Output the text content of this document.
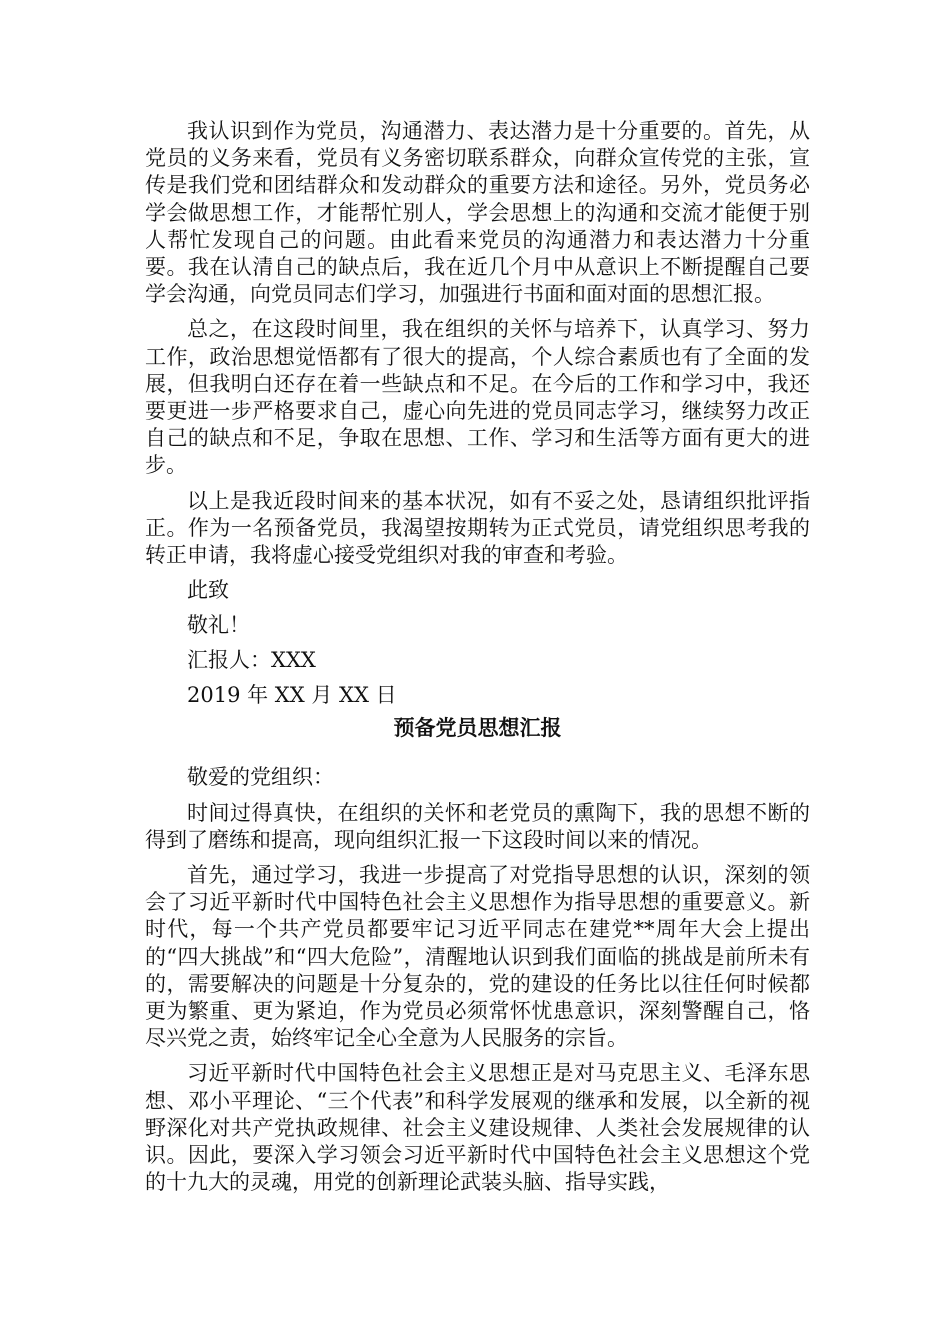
我认识到作为党员，沟通潜力、表达潜力是十分重要的。首先，从党员的义务来看，党员有义务密切联系群众，向群众宣传党的主张，宣传是我们党和团结群众和发动群众的重要方法和途径。另外，党员务必学会做思想工作，才能帮忙别人，学会思想上的沟通和交流才能便于别人帮忙发现自己的问题。由此看来党员的沟通潜力和表达潜力十分重要。我在认清自己的缺点后，我在近几个月中从意识上不断提醒自己要学会沟通，向党员同志们学习，加强进行书面和面对面的思想汇报。

总之，在这段时间里，我在组织的关怀与培养下，认真学习、努力工作，政治思想觉悟都有了很大的提高，个人综合素质也有了全面的发展，但我明白还存在着一些缺点和不足。在今后的工作和学习中，我还要更进一步严格要求自己，虚心向先进的党员同志学习，继续努力改正自己的缺点和不足，争取在思想、工作、学习和生活等方面有更大的进步。

以上是我近段时间来的基本状况，如有不妥之处，恳请组织批评指正。作为一名预备党员，我渴望按期转为正式党员，请党组织思考我的转正申请，我将虚心接受党组织对我的审查和考验。

此致

敬礼！

汇报人：XXX

2019 年 XX 月 XX 日

预备党员思想汇报

敬爱的党组织：

时间过得真快，在组织的关怀和老党员的熏陶下，我的思想不断的得到了磨练和提高，现向组织汇报一下这段时间以来的情况。

首先，通过学习，我进一步提高了对党指导思想的认识，深刻的领会了习近平新时代中国特色社会主义思想作为指导思想的重要意义。新时代，每一个共产党员都要牢记习近平同志在建党**周年大会上提出的“四大挑战”和“四大危险”，清醒地认识到我们面临的挑战是前所未有的，需要解决的问题是十分复杂的，党的建设的任务比以往任何时候都更为繁重、更为紧迫，作为党员必须常怀忧患意识，深刻警醒自己，恪尽兴党之责，始终牢记全心全意为人民服务的宗旨。

习近平新时代中国特色社会主义思想正是对马克思主义、毛泽东思想、邓小平理论、“三个代表”和科学发展观的继承和发展，以全新的视野深化对共产党执政规律、社会主义建设规律、人类社会发展规律的认识。因此，要深入学习领会习近平新时代中国特色社会主义思想这个党的十九大的灵魂，用党的创新理论武装头脑、指导实践，
